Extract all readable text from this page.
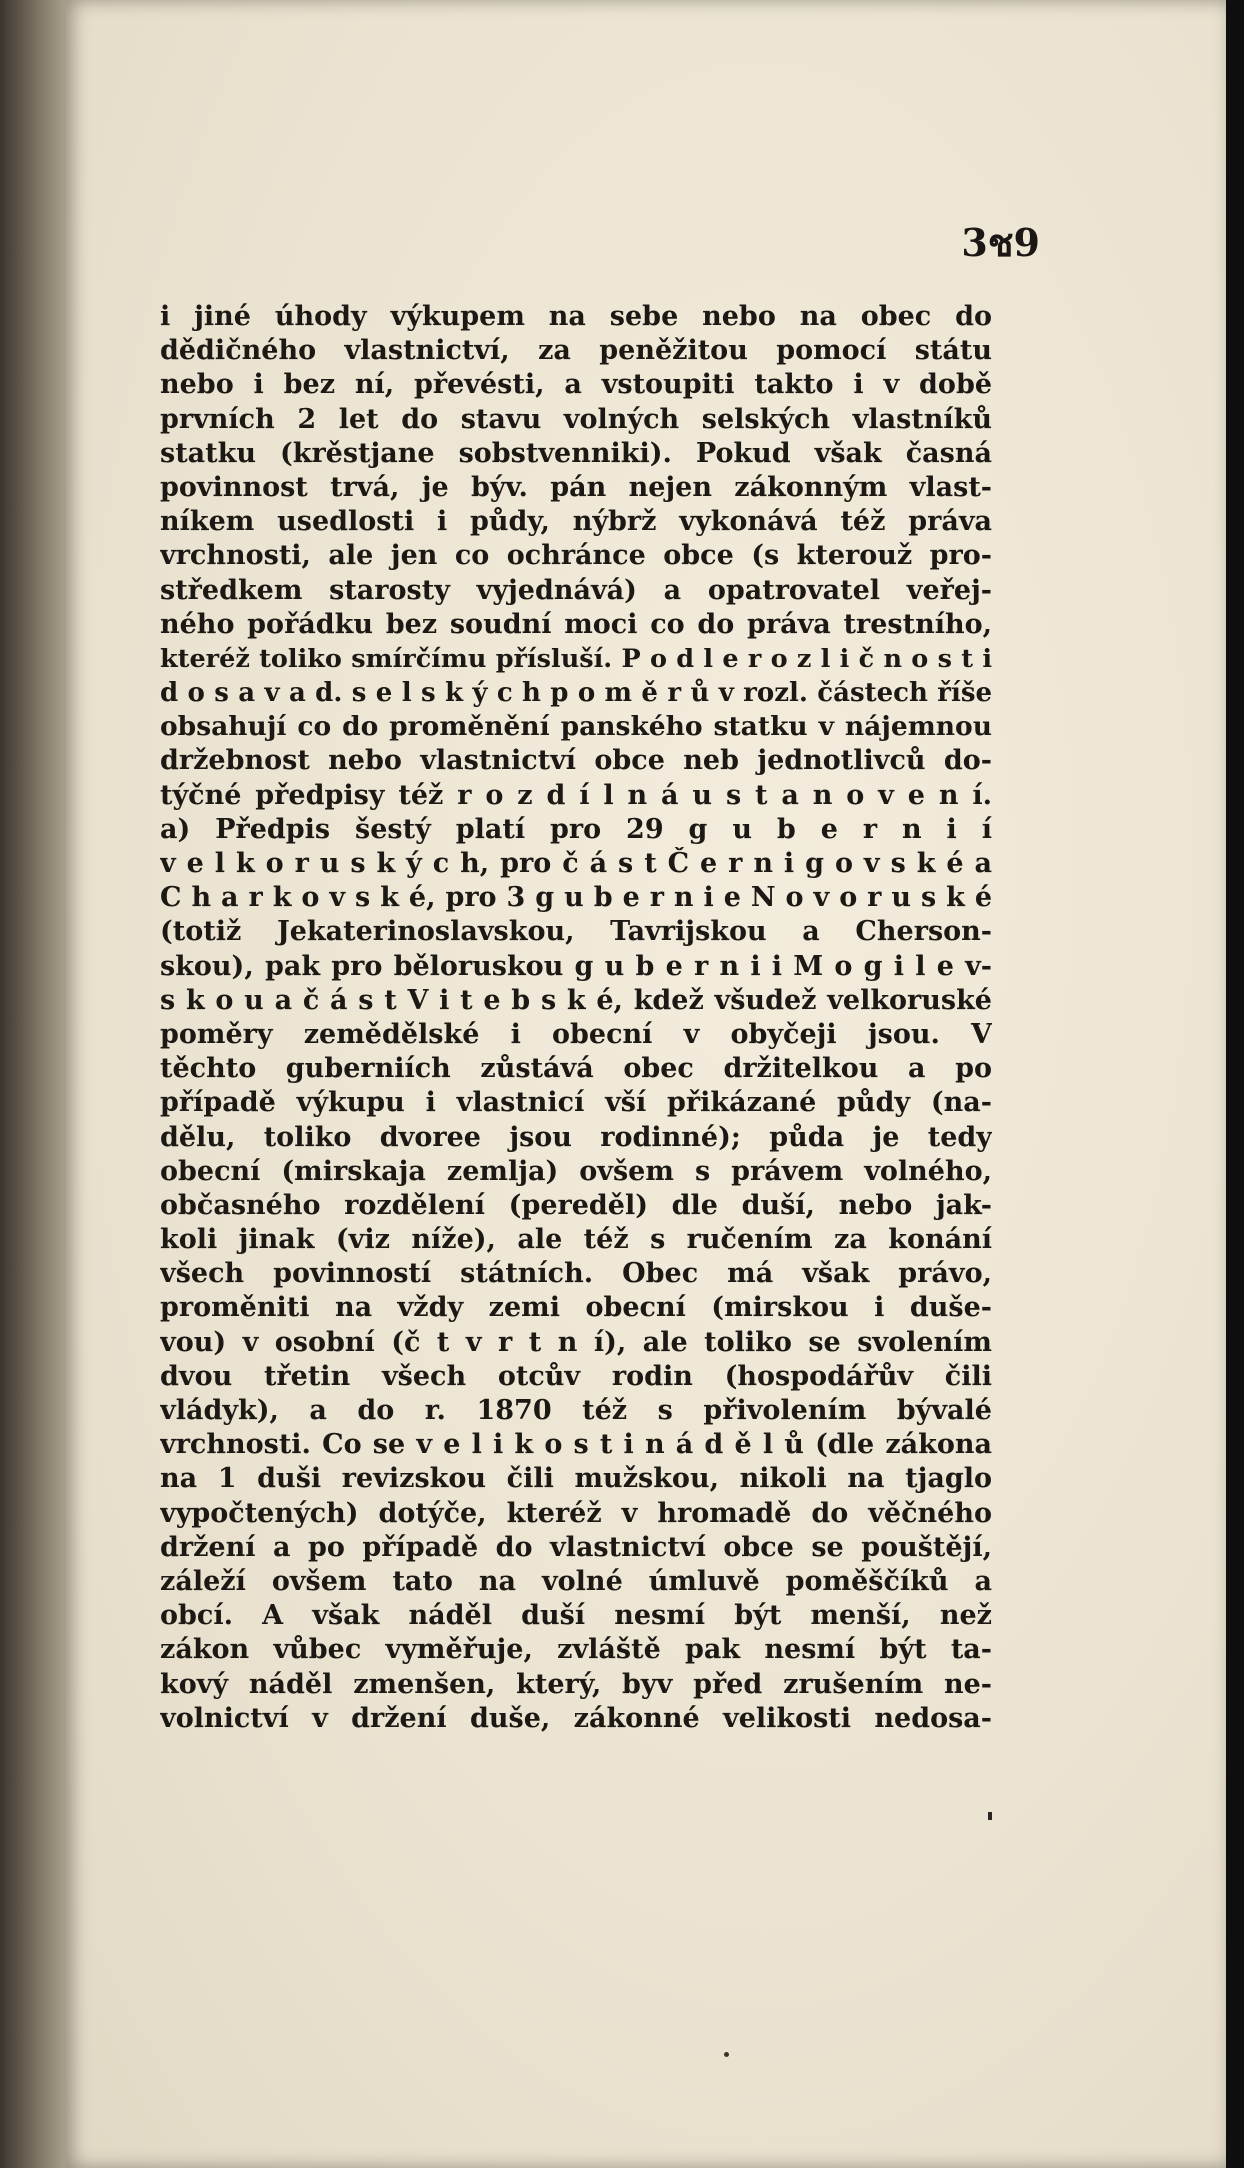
3ช9
i jiné úhody výkupem na sebe nebo na obec do
dědičného vlastnictví, za peněžitou pomocí státu
nebo i bez ní, převésti, a vstoupiti takto i v době
prvních 2 let do stavu volných selských vlastníků
statku (krěstjane sobstvenniki). Pokud však časná
povinnost trvá, je býv. pán nejen zákonným vlast-
níkem usedlosti i půdy, nýbrž vykonává též práva
vrchnosti, ale jen co ochránce obce (s kterouž pro-
středkem starosty vyjednává) a opatrovatel veřej-
ného pořádku bez soudní moci co do práva trestního,
kteréž toliko smírčímu přísluší. P o d l e r o z l i č n o s t i
d o s a v a d. s e l s k ý c h p o m ě r ů v rozl. částech říše
obsahují co do proměnění panského statku v nájemnou
držebnost nebo vlastnictví obce neb jednotlivců do-
týčné předpisy též r o z d í l n á u s t a n o v e n í.
a) Předpis šestý platí pro 29 g u b e r n i í
v e l k o r u s k ý c h, pro č á s t Č e r n i g o v s k é a
C h a r k o v s k é, pro 3 g u b e r n i e N o v o r u s k é
(totiž Jekaterinoslavskou, Tavrijskou a Cherson-
skou), pak pro běloruskou g u b e r n i i M o g i l e v-
s k o u a č á s t V i t e b s k é, kdež všudež velkoruské
poměry zemědělské i obecní v obyčeji jsou. V
těchto guberniích zůstává obec držitelkou a po
případě výkupu i vlastnicí vší přikázané půdy (na-
dělu, toliko dvoree jsou rodinné); půda je tedy
obecní (mirskaja zemlja) ovšem s právem volného,
občasného rozdělení (pereděl) dle duší, nebo jak-
koli jinak (viz níže), ale též s ručením za konání
všech povinností státních. Obec má však právo,
proměniti na vždy zemi obecní (mirskou i duše-
vou) v osobní (č t v r t n í), ale toliko se svolením
dvou třetin všech otcův rodin (hospodářův čili
vládyk), a do r. 1870 též s přivolením bývalé
vrchnosti. Co se v e l i k o s t i n á d ě l ů (dle zákona
na 1 duši revizskou čili mužskou, nikoli na tjaglo
vypočtených) dotýče, kteréž v hromadě do věčného
držení a po případě do vlastnictví obce se pouštějí,
záleží ovšem tato na volné úmluvě poměščíků a
obcí. A však náděl duší nesmí být menší, než
zákon vůbec vyměřuje, zvláště pak nesmí být ta-
kový náděl zmenšen, který, byv před zrušením ne-
volnictví v držení duše, zákonné velikosti nedosa-
